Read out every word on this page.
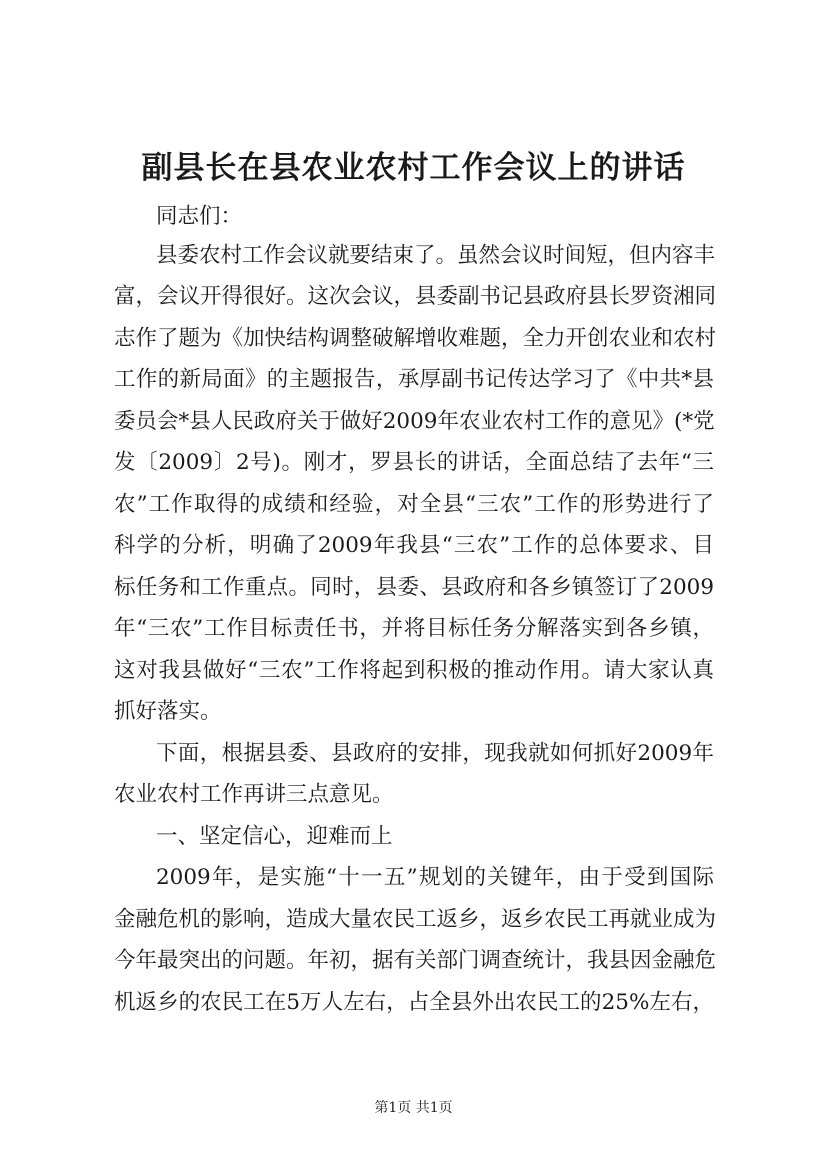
副县长在县农业农村工作会议上的讲话
同志们：
县委农村工作会议就要结束了。虽然会议时间短，但内容丰
富，会议开得很好。这次会议，县委副书记县政府县长罗资湘同
志作了题为《加快结构调整破解增收难题，全力开创农业和农村
工作的新局面》的主题报告，承厚副书记传达学习了《中共*县
委员会*县人民政府关于做好2009年农业农村工作的意见》(*党
发〔2009〕2号)。刚才，罗县长的讲话，全面总结了去年“三
农”工作取得的成绩和经验，对全县“三农”工作的形势进行了
科学的分析，明确了2009年我县“三农”工作的总体要求、目
标任务和工作重点。同时，县委、县政府和各乡镇签订了2009
年“三农”工作目标责任书，并将目标任务分解落实到各乡镇，
这对我县做好“三农”工作将起到积极的推动作用。请大家认真
抓好落实。
下面，根据县委、县政府的安排，现我就如何抓好2009年
农业农村工作再讲三点意见。
一、坚定信心，迎难而上
2009年，是实施“十一五”规划的关键年，由于受到国际
金融危机的影响，造成大量农民工返乡，返乡农民工再就业成为
今年最突出的问题。年初，据有关部门调查统计，我县因金融危
机返乡的农民工在5万人左右，占全县外出农民工的25%左右，
第1页 共1页
